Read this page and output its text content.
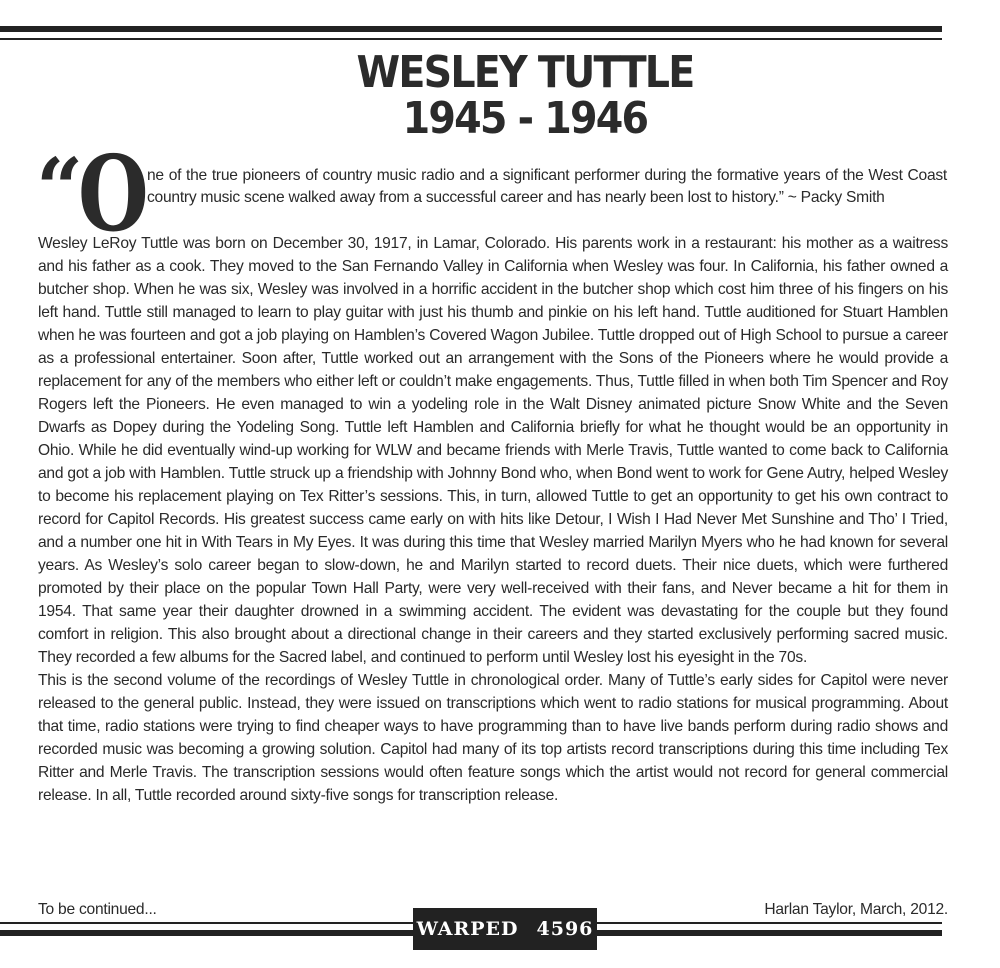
WESLEY TUTTLE
1945 - 1946
“
O
ne of the true pioneers of country music radio and a significant performer during the formative years of the West Coast country music scene walked away from a successful career and has nearly been lost to history.” ~ Packy Smith

Wesley LeRoy Tuttle was born on December 30, 1917, in Lamar, Colorado. His parents work in a restaurant: his mother as a waitress and his father as a cook. They moved to the San Fernando Valley in California when Wesley was four. In California, his father owned a butcher shop. When he was six, Wesley was involved in a horrific accident in the butcher shop which cost him three of his fingers on his left hand. Tuttle still managed to learn to play guitar with just his thumb and pinkie on his left hand. Tuttle auditioned for Stuart Hamblen when he was fourteen and got a job playing on Hamblen’s Covered Wagon Jubilee. Tuttle dropped out of High School to pursue a career as a professional entertainer. Soon after, Tuttle worked out an arrangement with the Sons of the Pioneers where he would provide a replacement for any of the members who either left or couldn’t make engagements. Thus, Tuttle filled in when both Tim Spencer and Roy Rogers left the Pioneers. He even managed to win a yodeling role in the Walt Disney animated picture Snow White and the Seven Dwarfs as Dopey during the Yodeling Song. Tuttle left Hamblen and California briefly for what he thought would be an opportunity in Ohio. While he did eventually wind-up working for WLW and became friends with Merle Travis, Tuttle wanted to come back to California and got a job with Hamblen. Tuttle struck up a friendship with Johnny Bond who, when Bond went to work for Gene Autry, helped Wesley to become his replacement playing on Tex Ritter’s sessions. This, in turn, allowed Tuttle to get an opportunity to get his own contract to record for Capitol Records. His greatest success came early on with hits like Detour, I Wish I Had Never Met Sunshine and Tho’ I Tried, and a number one hit in With Tears in My Eyes. It was during this time that Wesley married Marilyn Myers who he had known for several years. As Wesley’s solo career began to slow-down, he and Marilyn started to record duets. Their nice duets, which were furthered promoted by their place on the popular Town Hall Party, were very well-received with their fans, and Never became a hit for them in 1954. That same year their daughter drowned in a swimming accident. The evident was devastating for the couple but they found comfort in religion. This also brought about a directional change in their careers and they started exclusively performing sacred music. They recorded a few albums for the Sacred label, and continued to perform until Wesley lost his eyesight in the 70s.

This is the second volume of the recordings of Wesley Tuttle in chronological order. Many of Tuttle’s early sides for Capitol were never released to the general public. Instead, they were issued on transcriptions which went to radio stations for musical programming. About that time, radio stations were trying to find cheaper ways to have programming than to have live bands perform during radio shows and recorded music was becoming a growing solution. Capitol had many of its top artists record transcriptions during this time including Tex Ritter and Merle Travis. The transcription sessions would often feature songs which the artist would not record for general commercial release. In all, Tuttle recorded around sixty-five songs for transcription release.

To be continued...	Harlan Taylor, March, 2012.
WARPED 4596
